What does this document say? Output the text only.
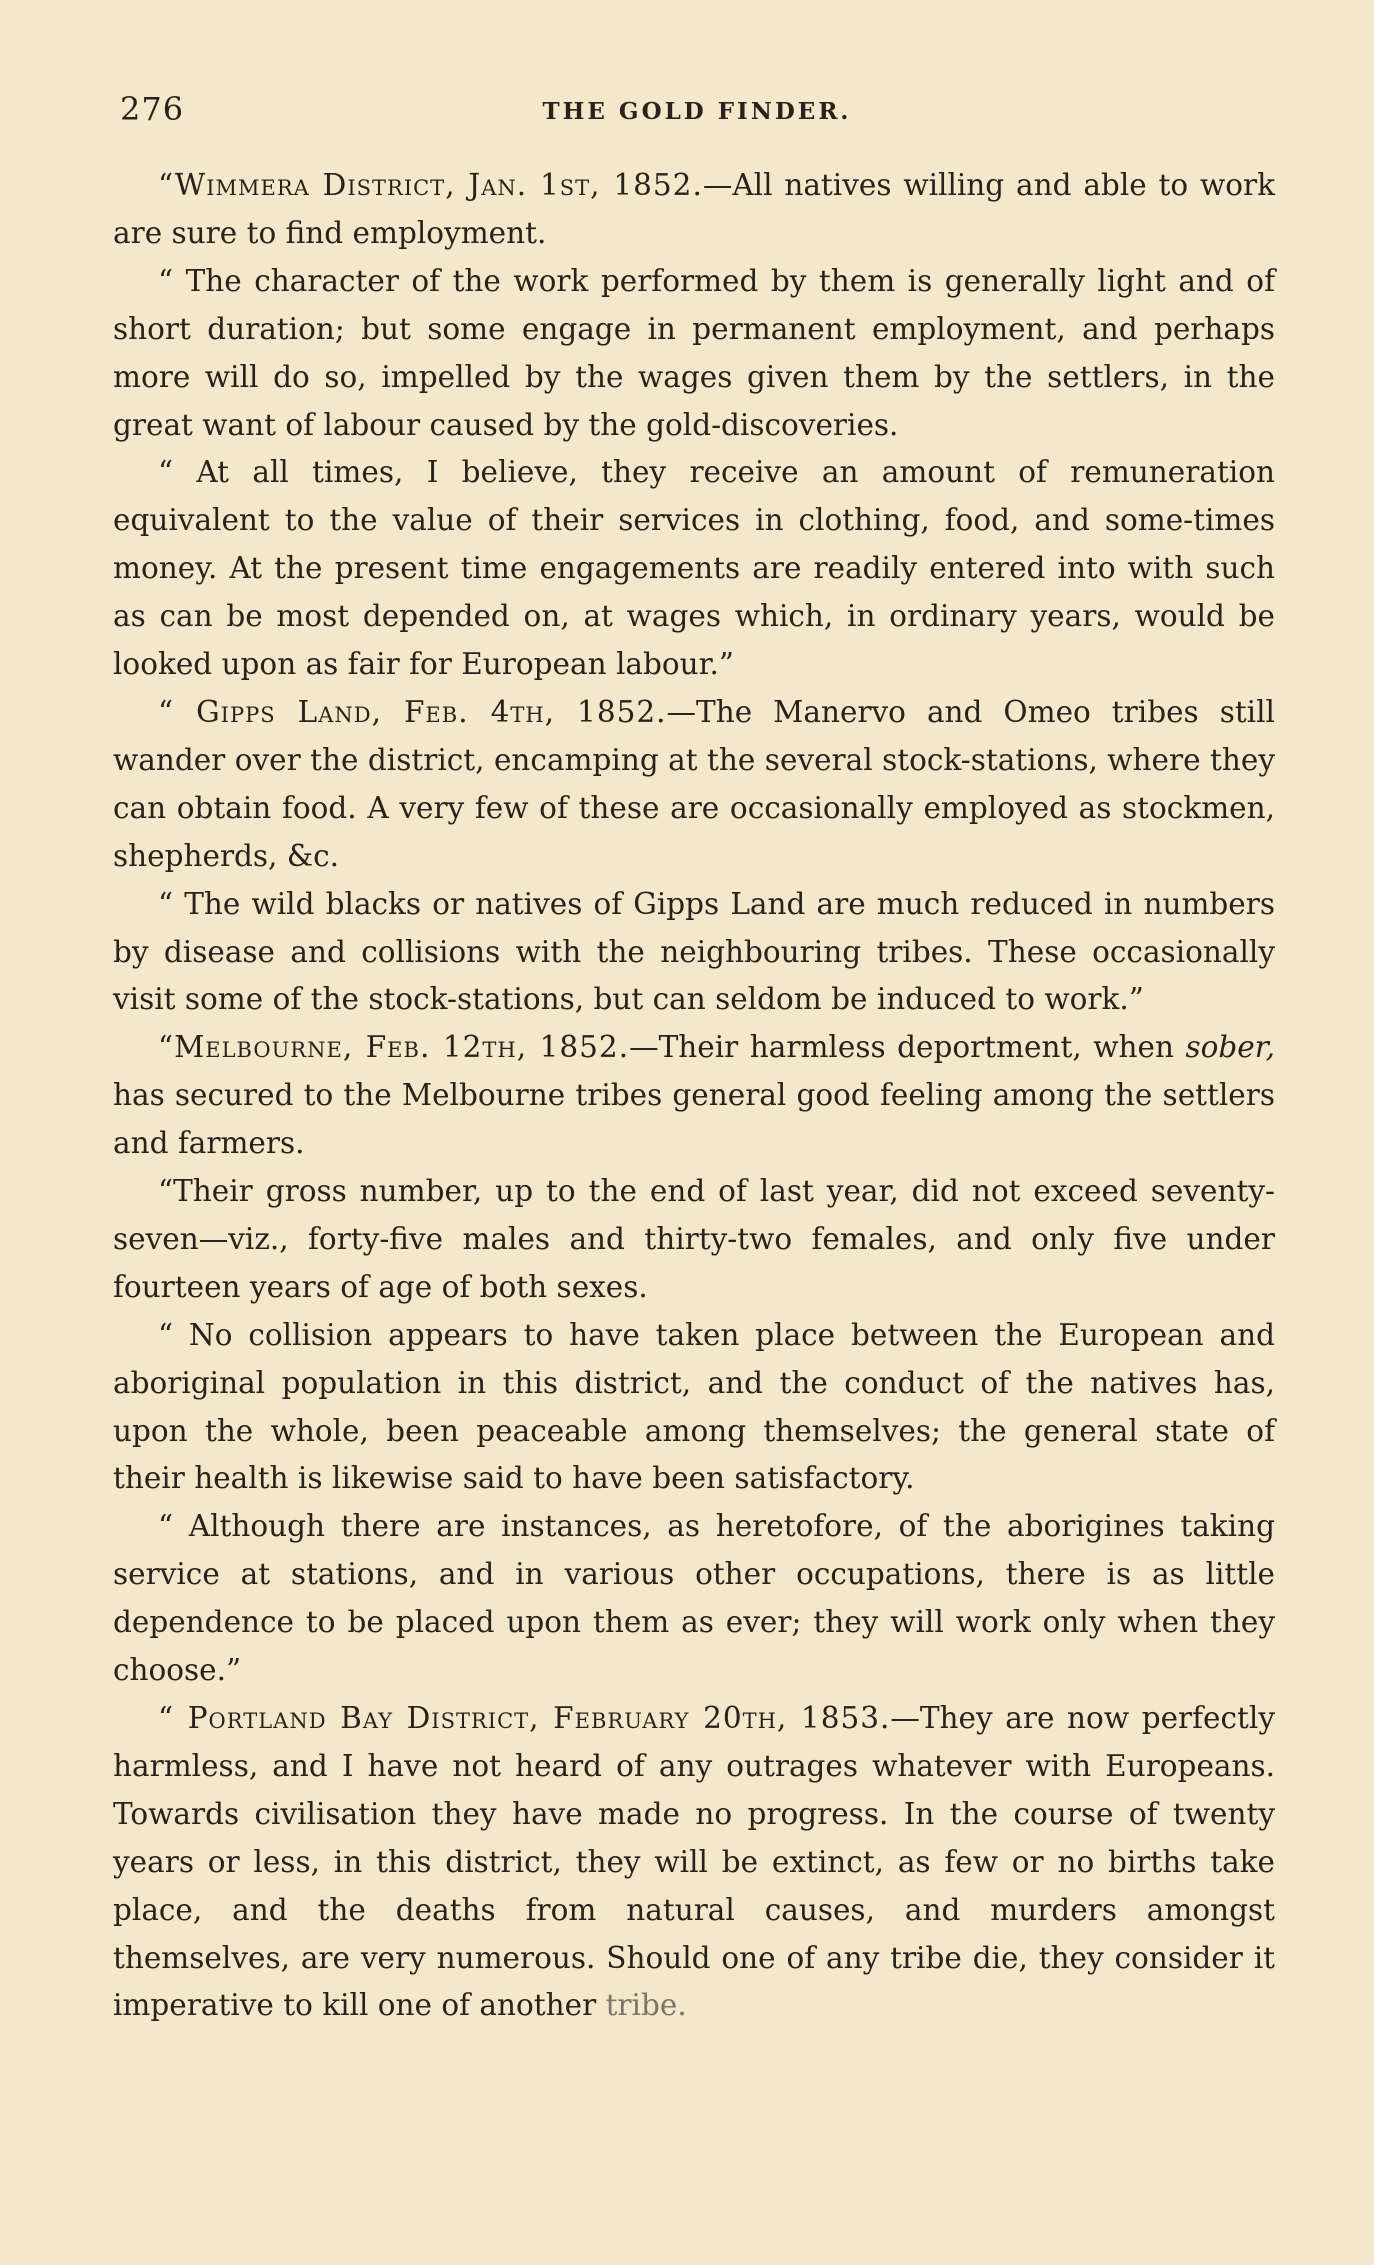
276	THE GOLD FINDER.

“Wimmera District, Jan. 1st, 1852.—All natives willing and able to work are sure to find employment.

“ The character of the work performed by them is generally light and of short duration; but some engage in permanent employment, and perhaps more will do so, impelled by the wages given them by the settlers, in the great want of labour caused by the gold-discoveries.

“ At all times, I believe, they receive an amount of remuneration equivalent to the value of their services in clothing, food, and some-times money. At the present time engagements are readily entered into with such as can be most depended on, at wages which, in ordinary years, would be looked upon as fair for European labour.”

“ Gipps Land, Feb. 4th, 1852.—The Manervo and Omeo tribes still wander over the district, encamping at the several stock-stations, where they can obtain food. A very few of these are occasionally employed as stockmen, shepherds, &c.

“ The wild blacks or natives of Gipps Land are much reduced in numbers by disease and collisions with the neighbouring tribes. These occasionally visit some of the stock-stations, but can seldom be induced to work.”

“Melbourne, Feb. 12th, 1852.—Their harmless deportment, when sober, has secured to the Melbourne tribes general good feeling among the settlers and farmers.

“Their gross number, up to the end of last year, did not exceed seventy-seven—viz., forty-five males and thirty-two females, and only five under fourteen years of age of both sexes.

“ No collision appears to have taken place between the European and aboriginal population in this district, and the conduct of the natives has, upon the whole, been peaceable among themselves; the general state of their health is likewise said to have been satisfactory.

“ Although there are instances, as heretofore, of the aborigines taking service at stations, and in various other occupations, there is as little dependence to be placed upon them as ever; they will work only when they choose.”

“ Portland Bay District, February 20th, 1853.—They are now perfectly harmless, and I have not heard of any outrages whatever with Europeans. Towards civilisation they have made no progress. In the course of twenty years or less, in this district, they will be extinct, as few or no births take place, and the deaths from natural causes, and murders amongst themselves, are very numerous. Should one of any tribe die, they consider it imperative to kill one of another tribe.
